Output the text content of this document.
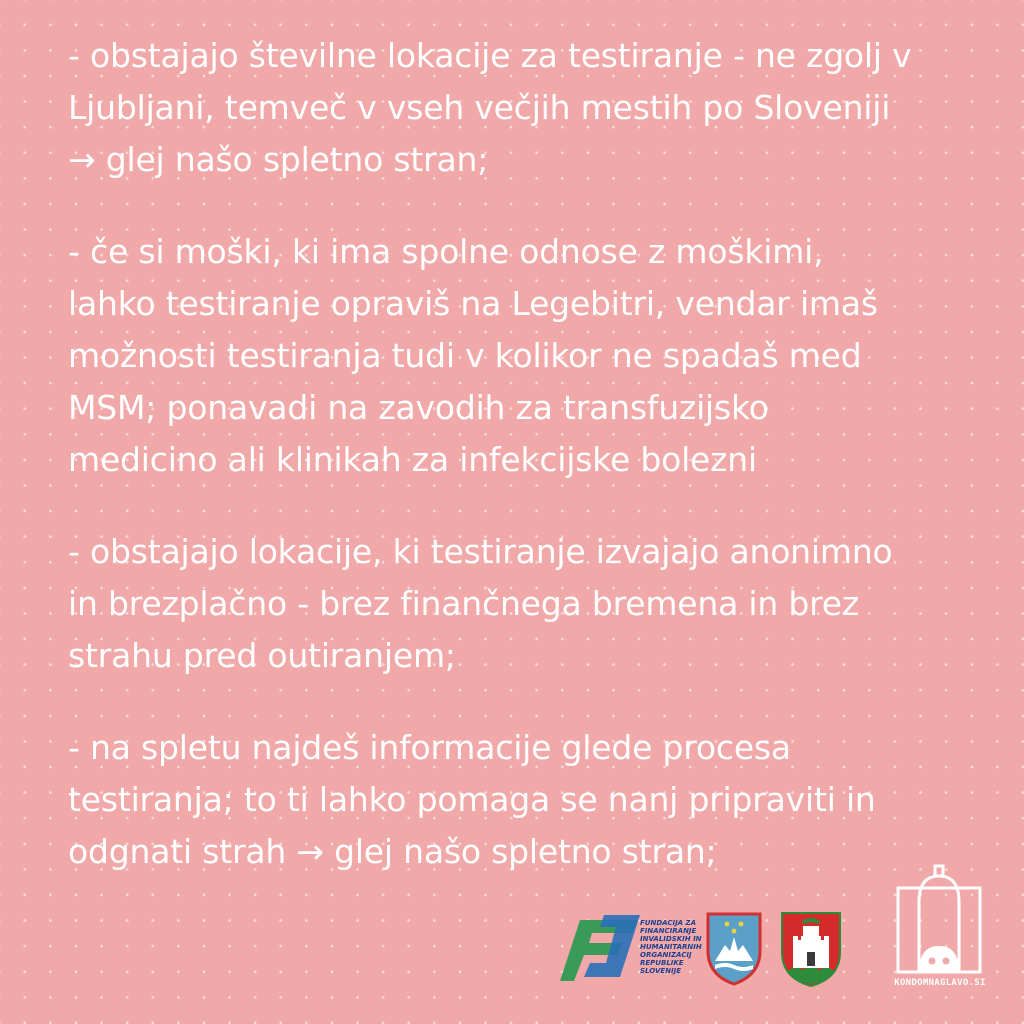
- obstajajo številne lokacije za testiranje - ne zgolj v
Ljubljani, temveč v vseh večjih mestih po Sloveniji
→ glej našo spletno stran;

- če si moški, ki ima spolne odnose z moškimi,
lahko testiranje opraviš na Legebitri, vendar imaš
možnosti testiranja tudi v kolikor ne spadaš med
MSM; ponavadi na zavodih za transfuzijsko
medicino ali klinikah za infekcijske bolezni

- obstajajo lokacije, ki testiranje izvajajo anonimno
in brezplačno - brez finančnega bremena in brez
strahu pred outiranjem;

- na spletu najdeš informacije glede procesa
testiranja; to ti lahko pomaga se nanj pripraviti in
odgnati strah → glej našo spletno stran;

FUNDACIJA ZA
FINANCIRANJE
INVALIDSKIH IN
HUMANITARNIH
ORGANIZACIJ
REPUBLIKE
SLOVENIJE
KONDOMNAGLAVO.SI
